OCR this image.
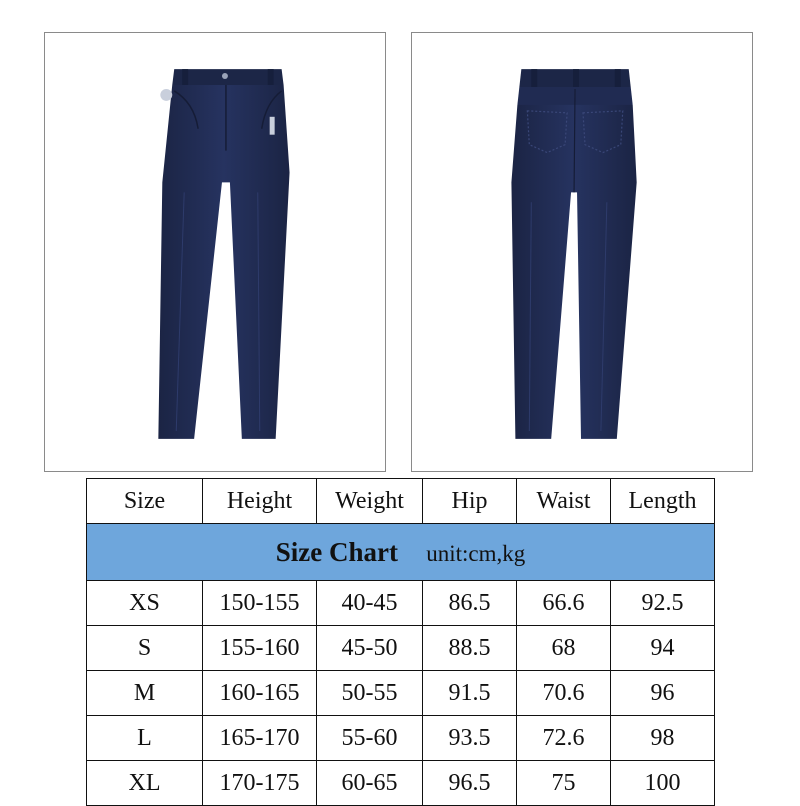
Size Chart unit:cm,kg					
Size	Height	Weight	Hip	Waist	Length
XS	150-155	40-45	86.5	66.6	92.5
S	155-160	45-50	88.5	68	94
M	160-165	50-55	91.5	70.6	96
L	165-170	55-60	93.5	72.6	98
XL	170-175	60-65	96.5	75	100
